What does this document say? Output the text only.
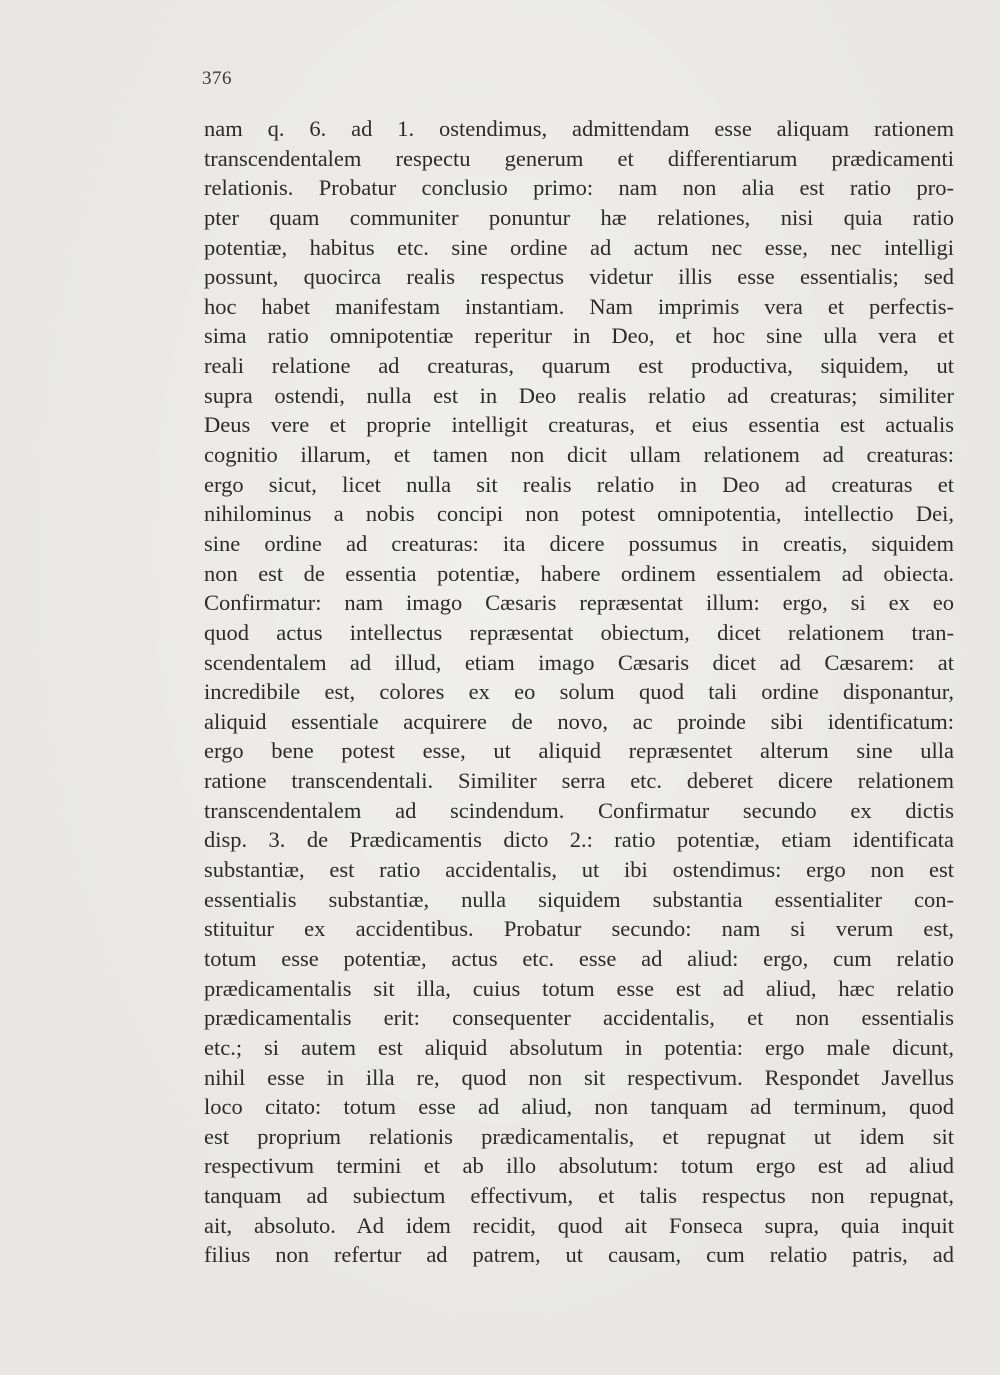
376
nam q. 6. ad 1. ostendimus, admittendam esse aliquam rationem
transcendentalem respectu generum et differentiarum prædicamenti
relationis. Probatur conclusio primo: nam non alia est ratio pro-
pter quam communiter ponuntur hæ relationes, nisi quia ratio
potentiæ, habitus etc. sine ordine ad actum nec esse, nec intelligi
possunt, quocirca realis respectus videtur illis esse essentialis; sed
hoc habet manifestam instantiam. Nam imprimis vera et perfectis-
sima ratio omnipotentiæ reperitur in Deo, et hoc sine ulla vera et
reali relatione ad creaturas, quarum est productiva, siquidem, ut
supra ostendi, nulla est in Deo realis relatio ad creaturas; similiter
Deus vere et proprie intelligit creaturas, et eius essentia est actualis
cognitio illarum, et tamen non dicit ullam relationem ad creaturas:
ergo sicut, licet nulla sit realis relatio in Deo ad creaturas et
nihilominus a nobis concipi non potest omnipotentia, intellectio Dei,
sine ordine ad creaturas: ita dicere possumus in creatis, siquidem
non est de essentia potentiæ, habere ordinem essentialem ad obiecta.
Confirmatur: nam imago Cæsaris repræsentat illum: ergo, si ex eo
quod actus intellectus repræsentat obiectum, dicet relationem tran-
scendentalem ad illud, etiam imago Cæsaris dicet ad Cæsarem: at
incredibile est, colores ex eo solum quod tali ordine disponantur,
aliquid essentiale acquirere de novo, ac proinde sibi identificatum:
ergo bene potest esse, ut aliquid repræsentet alterum sine ulla
ratione transcendentali. Similiter serra etc. deberet dicere relationem
transcendentalem ad scindendum. Confirmatur secundo ex dictis
disp. 3. de Prædicamentis dicto 2.: ratio potentiæ, etiam identificata
substantiæ, est ratio accidentalis, ut ibi ostendimus: ergo non est
essentialis substantiæ, nulla siquidem substantia essentialiter con-
stituitur ex accidentibus. Probatur secundo: nam si verum est,
totum esse potentiæ, actus etc. esse ad aliud: ergo, cum relatio
prædicamentalis sit illa, cuius totum esse est ad aliud, hæc relatio
prædicamentalis erit: consequenter accidentalis, et non essentialis
etc.; si autem est aliquid absolutum in potentia: ergo male dicunt,
nihil esse in illa re, quod non sit respectivum. Respondet Javellus
loco citato: totum esse ad aliud, non tanquam ad terminum, quod
est proprium relationis prædicamentalis, et repugnat ut idem sit
respectivum termini et ab illo absolutum: totum ergo est ad aliud
tanquam ad subiectum effectivum, et talis respectus non repugnat,
ait, absoluto. Ad idem recidit, quod ait Fonseca supra, quia inquit
filius non refertur ad patrem, ut causam, cum relatio patris, ad
